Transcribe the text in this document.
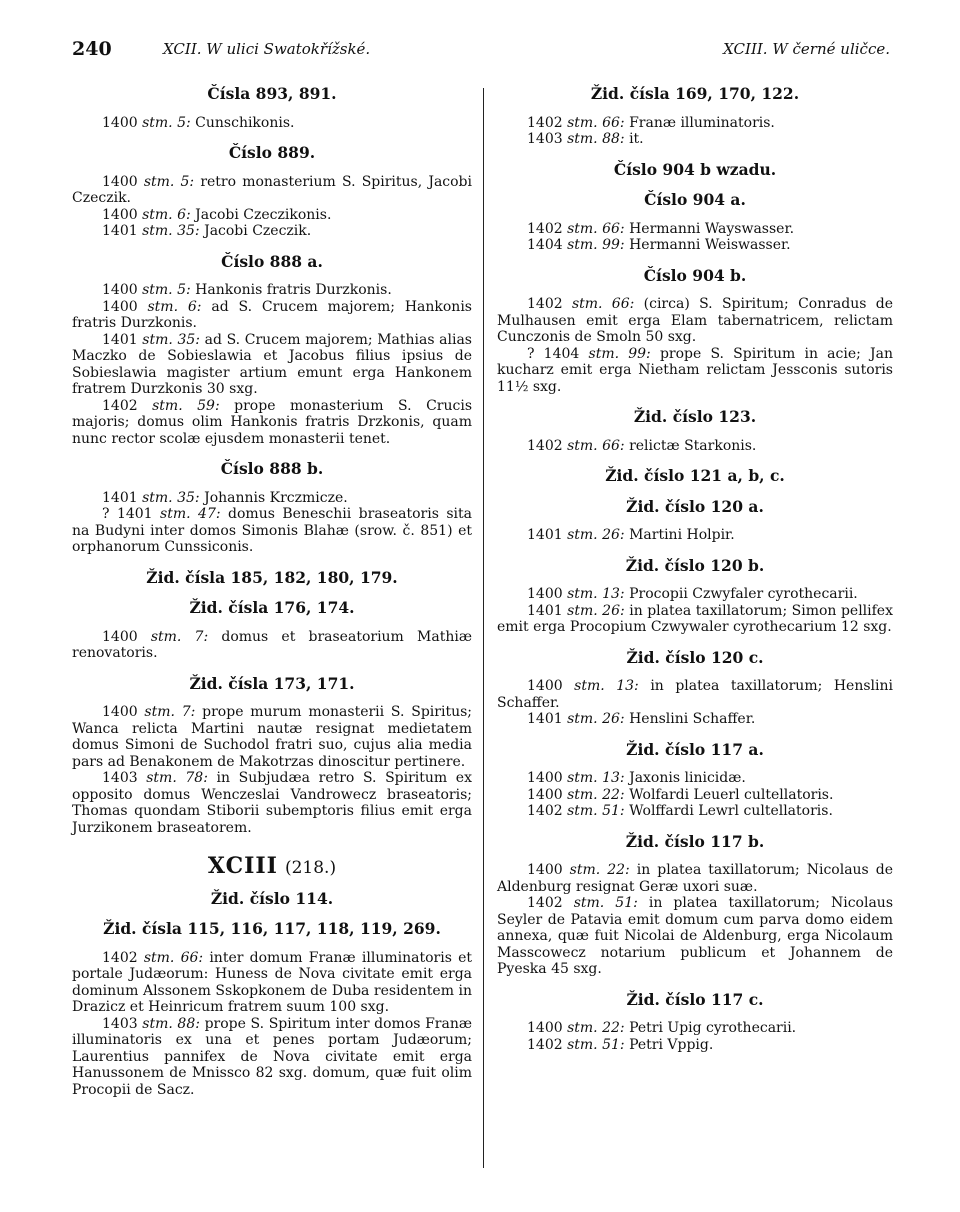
240	XCII. W ulici Swatokřížské.	XCIII. W černé uličce.
Čísla 893, 891.

1400 stm. 5: Cunschikonis.

Číslo 889.

1400 stm. 5: retro monasterium S. Spiritus, Jacobi Czeczik.

1400 stm. 6: Jacobi Czeczikonis.

1401 stm. 35: Jacobi Czeczik.

Číslo 888 a.

1400 stm. 5: Hankonis fratris Durzkonis.

1400 stm. 6: ad S. Crucem majorem; Hankonis fratris Durzkonis.

1401 stm. 35: ad S. Crucem majorem; Mathias alias Maczko de Sobieslawia et Jacobus filius ipsius de Sobieslawia magister artium emunt erga Hankonem fratrem Durzkonis 30 sxg.

1402 stm. 59: prope monasterium S. Crucis majoris; domus olim Hankonis fratris Drzkonis, quam nunc rector scolæ ejusdem monasterii tenet.

Číslo 888 b.

1401 stm. 35: Johannis Krczmicze.

? 1401 stm. 47: domus Beneschii braseatoris sita na Budyni inter domos Simonis Blahæ (srow. č. 851) et orphanorum Cunssiconis.

Žid. čísla 185, 182, 180, 179.
Žid. čísla 176, 174.

1400 stm. 7: domus et braseatorium Mathiæ renovatoris.

Žid. čísla 173, 171.

1400 stm. 7: prope murum monasterii S. Spiritus; Wanca relicta Martini nautæ resignat medietatem domus Simoni de Suchodol fratri suo, cujus alia media pars ad Benakonem de Makotrzas dinoscitur pertinere.

1403 stm. 78: in Subjudæa retro S. Spiritum ex opposito domus Wenczeslai Vandrowecz braseatoris; Thomas quondam Stiborii subemptoris filius emit erga Jurzikonem braseatorem.

XCIII (218.)
Žid. číslo 114.
Žid. čísla 115, 116, 117, 118, 119, 269.

1402 stm. 66: inter domum Franæ illuminatoris et portale Judæorum: Huness de Nova civitate emit erga dominum Alssonem Sskopkonem de Duba residentem in Drazicz et Heinricum fratrem suum 100 sxg.

1403 stm. 88: prope S. Spiritum inter domos Franæ illuminatoris ex una et penes portam Judæorum; Laurentius pannifex de Nova civitate emit erga Hanussonem de Mnissco 82 sxg. domum, quæ fuit olim Procopii de Sacz.

Žid. čísla 169, 170, 122.

1402 stm. 66: Franæ illuminatoris.

1403 stm. 88: it.

Číslo 904 b wzadu.
Číslo 904 a.

1402 stm. 66: Hermanni Wayswasser.

1404 stm. 99: Hermanni Weiswasser.

Číslo 904 b.

1402 stm. 66: (circa) S. Spiritum; Conradus de Mulhausen emit erga Elam tabernatricem, relictam Cunczonis de Smoln 50 sxg.

? 1404 stm. 99: prope S. Spiritum in acie; Jan kucharz emit erga Nietham relictam Jessconis sutoris 11½ sxg.

Žid. číslo 123.

1402 stm. 66: relictæ Starkonis.

Žid. číslo 121 a, b, c.
Žid. číslo 120 a.

1401 stm. 26: Martini Holpir.

Žid. číslo 120 b.

1400 stm. 13: Procopii Czwyfaler cyrothecarii.

1401 stm. 26: in platea taxillatorum; Simon pellifex emit erga Procopium Czwywaler cyrothecarium 12 sxg.

Žid. číslo 120 c.

1400 stm. 13: in platea taxillatorum; Henslini Schaffer.

1401 stm. 26: Henslini Schaffer.

Žid. číslo 117 a.

1400 stm. 13: Jaxonis linicidæ.

1400 stm. 22: Wolfardi Leuerl cultellatoris.

1402 stm. 51: Wolffardi Lewrl cultellatoris.

Žid. číslo 117 b.

1400 stm. 22: in platea taxillatorum; Nicolaus de Aldenburg resignat Geræ uxori suæ.

1402 stm. 51: in platea taxillatorum; Nicolaus Seyler de Patavia emit domum cum parva domo eidem annexa, quæ fuit Nicolai de Aldenburg, erga Nicolaum Masscowecz notarium publicum et Johannem de Pyeska 45 sxg.

Žid. číslo 117 c.

1400 stm. 22: Petri Upig cyrothecarii.

1402 stm. 51: Petri Vppig.
